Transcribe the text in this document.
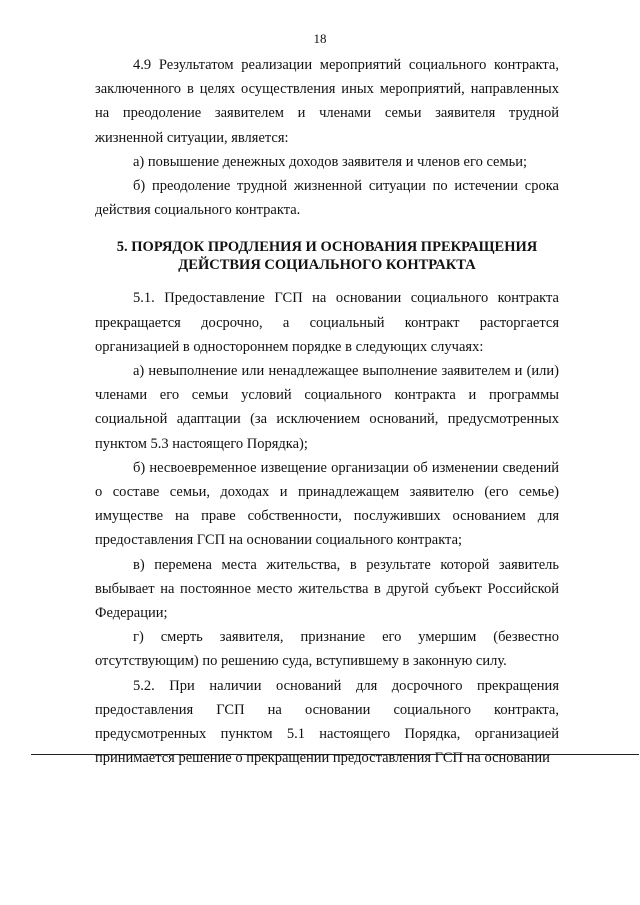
18

4.9 Результатом реализации мероприятий социального контракта, заключенного в целях осуществления иных мероприятий, направленных на преодоление заявителем и членами семьи заявителя трудной жизненной ситуации, является:

а) повышение денежных доходов заявителя и членов его семьи;

б) преодоление трудной жизненной ситуации по истечении срока действия социального контракта.

5. ПОРЯДОК ПРОДЛЕНИЯ И ОСНОВАНИЯ ПРЕКРАЩЕНИЯ
ДЕЙСТВИЯ СОЦИАЛЬНОГО КОНТРАКТА

5.1. Предоставление ГСП на основании социального контракта прекращается досрочно, а социальный контракт расторгается организацией в одностороннем порядке в следующих случаях:

а) невыполнение или ненадлежащее выполнение заявителем и (или) членами его семьи условий социального контракта и программы социальной адаптации (за исключением оснований, предусмотренных пунктом 5.3 настоящего Порядка);

б) несвоевременное извещение организации об изменении сведений о составе семьи, доходах и принадлежащем заявителю (его семье) имуществе на праве собственности, послуживших основанием для предоставления ГСП на основании социального контракта;

в) перемена места жительства, в результате которой заявитель выбывает на постоянное место жительства в другой субъект Российской Федерации;

г) смерть заявителя, признание его умершим (безвестно отсутствующим) по решению суда, вступившему в законную силу.

5.2. При наличии оснований для досрочного прекращения предоставления ГСП на основании социального контракта, предусмотренных пунктом 5.1 настоящего Порядка, организацией принимается решение о прекращении предоставления ГСП на основании
